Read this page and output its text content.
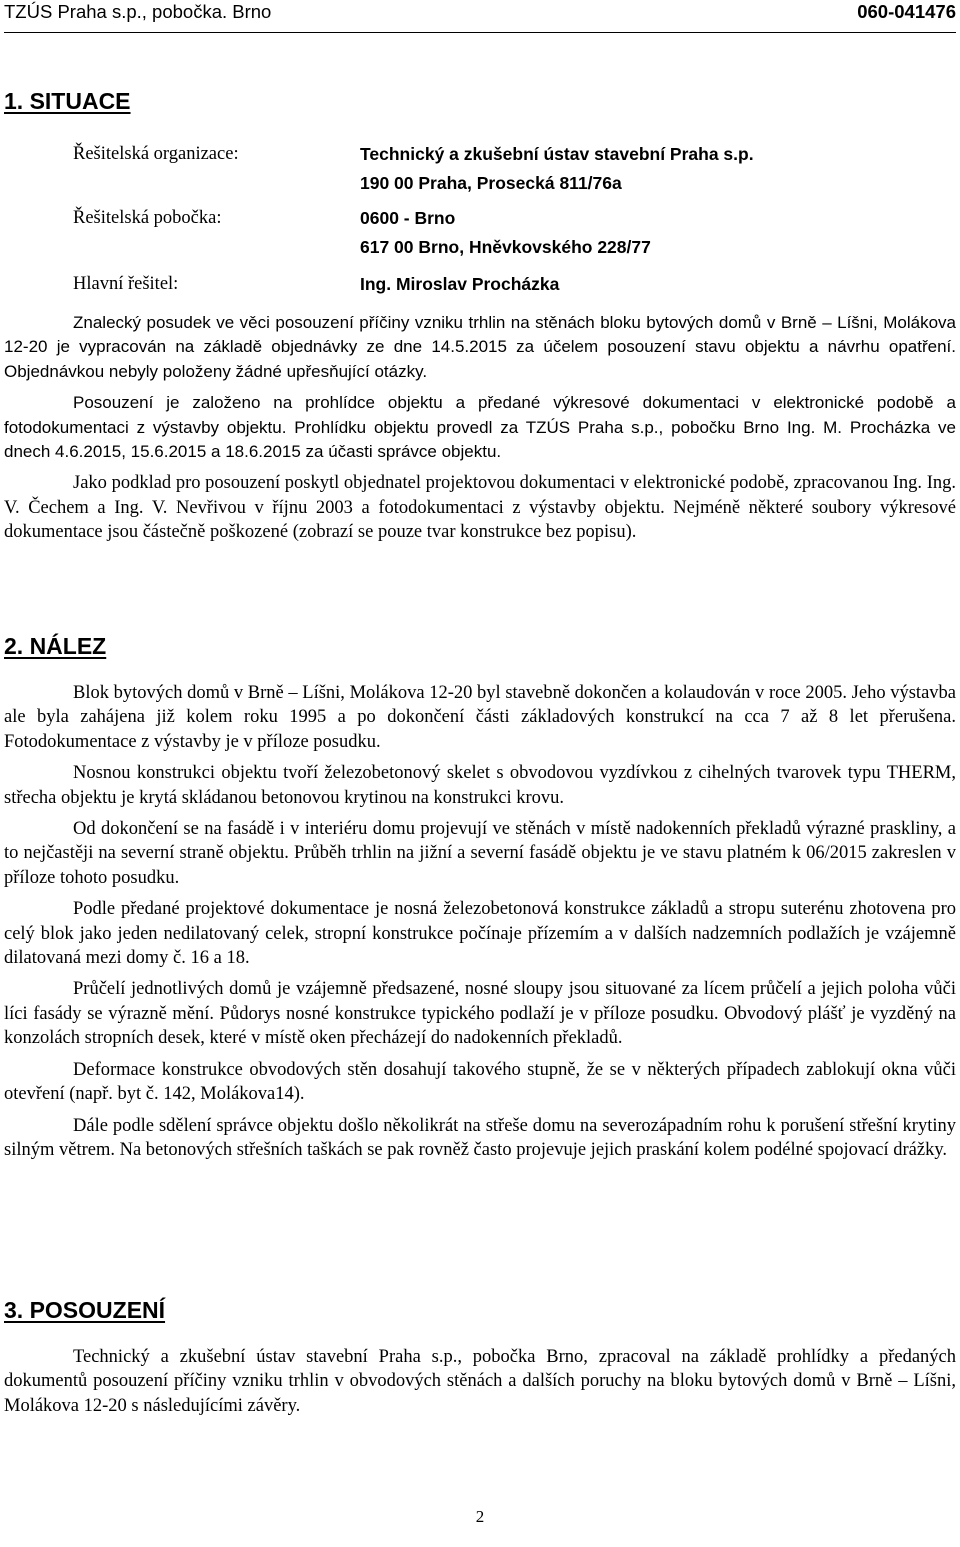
TZÚS Praha s.p., pobočka. Brno	060-041476
1. SITUACE
Řešitelská organizace:	Technický a zkušební ústav stavební Praha s.p.
190 00 Praha, Prosecká 811/76a
Řešitelská pobočka:	0600 - Brno
617 00 Brno, Hněvkovského 228/77
Hlavní řešitel:	Ing. Miroslav Procházka

Znalecký posudek ve věci posouzení příčiny vzniku trhlin na stěnách bloku bytových domů v Brně – Líšni, Molákova 12-20 je vypracován na základě objednávky ze dne 14.5.2015 za účelem posouzení stavu objektu a návrhu opatření. Objednávkou nebyly položeny žádné upřesňující otázky.

Posouzení je založeno na prohlídce objektu a předané výkresové dokumentaci v elektronické podobě a fotodokumentaci z výstavby objektu. Prohlídku objektu provedl za TZÚS Praha s.p., pobočku Brno Ing. M. Procházka ve dnech 4.6.2015, 15.6.2015 a 18.6.2015 za účasti správce objektu.

Jako podklad pro posouzení poskytl objednatel projektovou dokumentaci v elektronické podobě, zpracovanou Ing. Ing. V. Čechem a Ing. V. Nevřivou v říjnu 2003 a fotodokumentaci z výstavby objektu. Nejméně některé soubory výkresové dokumentace jsou částečně poškozené (zobrazí se pouze tvar konstrukce bez popisu).

2. NÁLEZ

Blok bytových domů v Brně – Líšni, Molákova 12-20 byl stavebně dokončen a kolaudován v roce 2005. Jeho výstavba ale byla zahájena již kolem roku 1995 a po dokončení části základových konstrukcí na cca 7 až 8 let přerušena. Fotodokumentace z výstavby je v příloze posudku.

Nosnou konstrukci objektu tvoří železobetonový skelet s obvodovou vyzdívkou z cihelných tvarovek typu THERM, střecha objektu je krytá skládanou betonovou krytinou na konstrukci krovu.

Od dokončení se na fasádě i v interiéru domu projevují ve stěnách v místě nadokenních překladů výrazné praskliny, a to nejčastěji na severní straně objektu. Průběh trhlin na jižní a severní fasádě objektu je ve stavu platném k 06/2015 zakreslen v příloze tohoto posudku.

Podle předané projektové dokumentace je nosná železobetonová konstrukce základů a stropu suterénu zhotovena pro celý blok jako jeden nedilatovaný celek, stropní konstrukce počínaje přízemím a v dalších nadzemních podlažích je vzájemně dilatovaná mezi domy č. 16 a 18.

Průčelí jednotlivých domů je vzájemně předsazené, nosné sloupy jsou situované za lícem průčelí a jejich poloha vůči líci fasády se výrazně mění. Půdorys nosné konstrukce typického podlaží je v příloze posudku. Obvodový plášť je vyzděný na konzolách stropních desek, které v místě oken přecházejí do nadokenních překladů.

Deformace konstrukce obvodových stěn dosahují takového stupně, že se v některých případech zablokují okna vůči otevření (např. byt č. 142, Molákova14).

Dále podle sdělení správce objektu došlo několikrát na střeše domu na severozápadním rohu k porušení střešní krytiny silným větrem. Na betonových střešních taškách se pak rovněž často projevuje jejich praskání kolem podélné spojovací drážky.

3. POSOUZENÍ

Technický a zkušební ústav stavební Praha s.p., pobočka Brno, zpracoval na základě prohlídky a předaných dokumentů posouzení příčiny vzniku trhlin v obvodových stěnách a dalších poruchy na bloku bytových domů v Brně – Líšni, Molákova 12-20 s následujícími závěry.

2
